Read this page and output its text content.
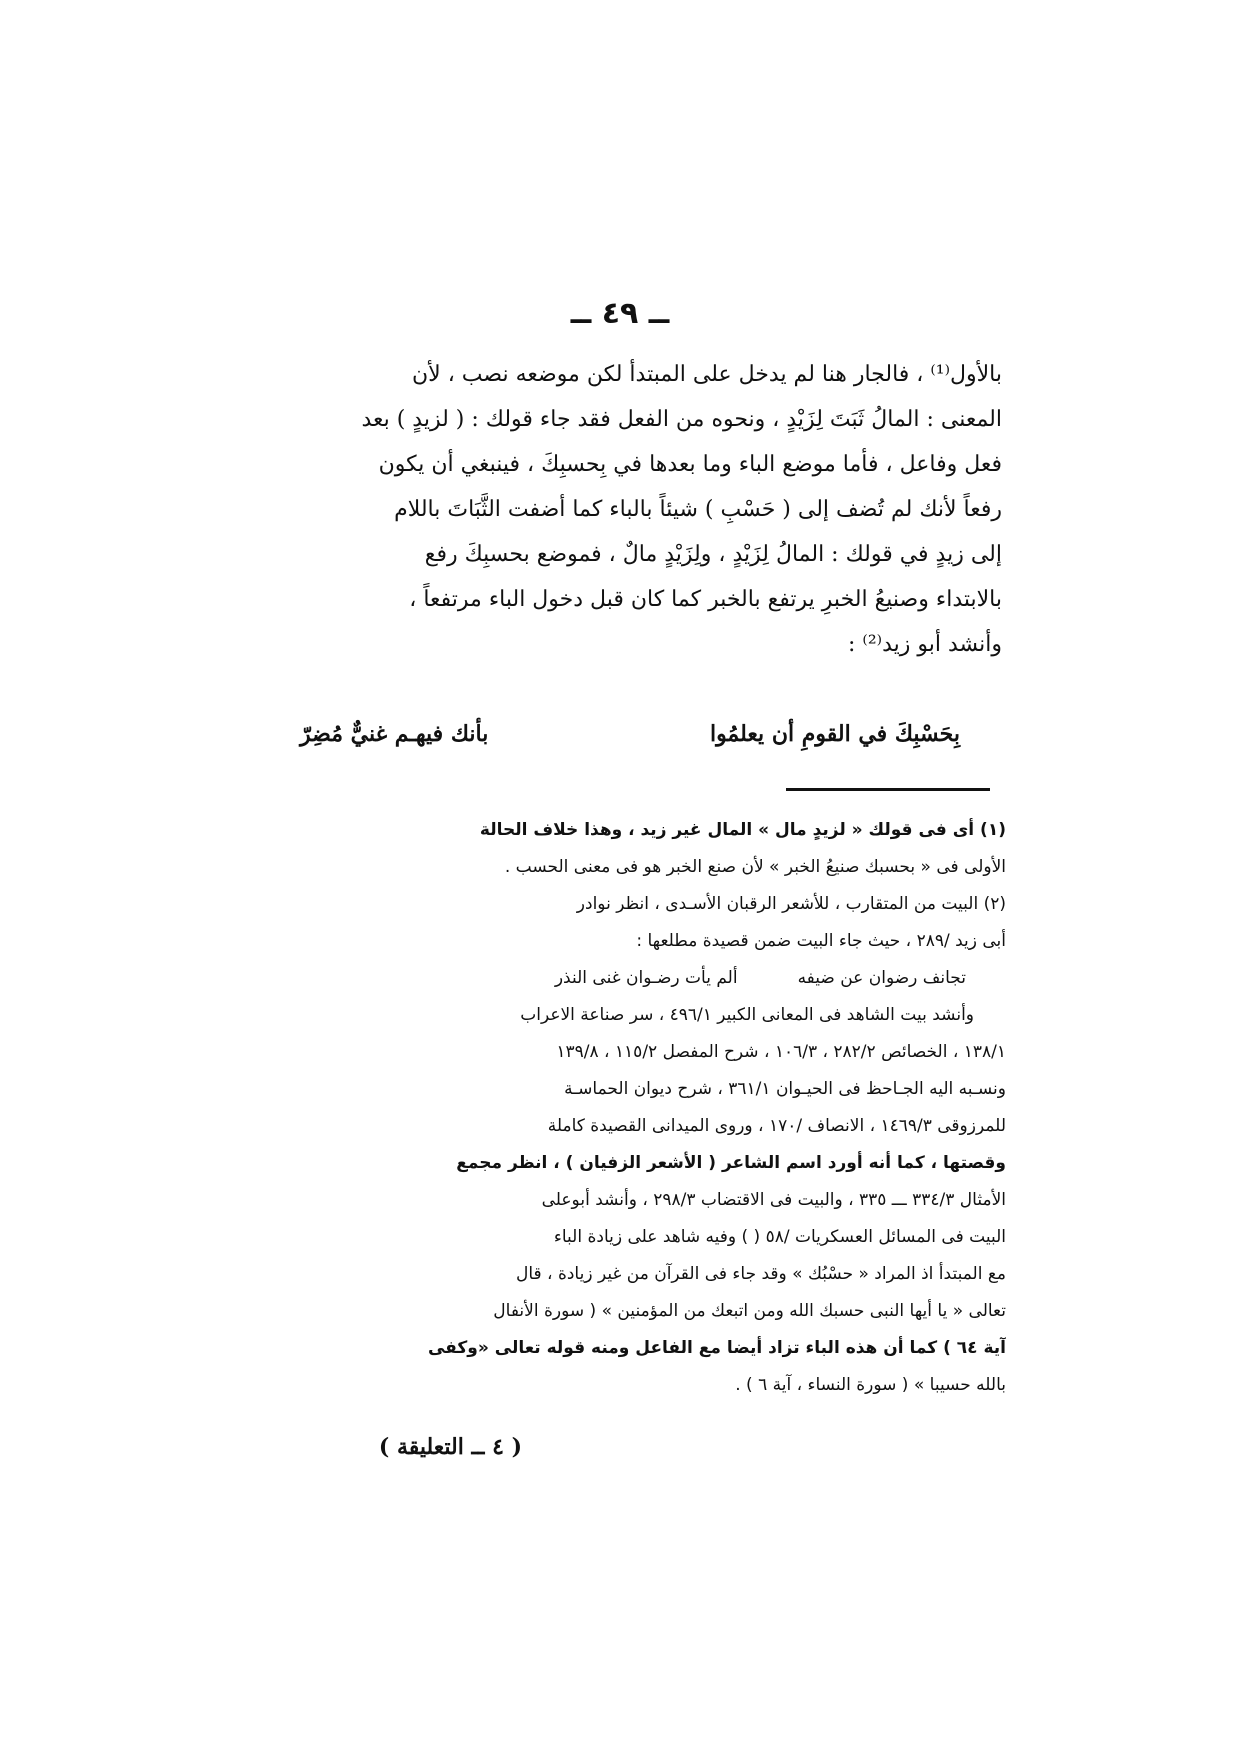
ــ ٤٩ ــ
بالأول⁽¹⁾ ، فالجار هنا لم يدخل على المبتدأ لكن موضعه نصب ، لأن
المعنى : المالُ ثَبَتَ لِزَيْدٍ ، ونحوه من الفعل فقد جاء قولك : ( لزيدٍ ) بعد
فعل وفاعل ، فأما موضع الباء وما بعدها في بِحسبِكَ ، فينبغي أن يكون
رفعاً لأنك لم تُضف إلى ( حَسْبِ ) شيئاً بالباء كما أضفت الثَّبَاتَ باللام
إلى زيدٍ في قولك : المالُ لِزَيْدٍ ، ولِزَيْدٍ مالٌ ، فموضع بحسبِكَ رفع
بالابتداء وصنيعُ الخبرِ يرتفع بالخبر كما كان قبل دخول الباء مرتفعاً ،
وأنشد أبو زيد⁽²⁾ :
بِحَسْبِكَ في القومِ أن يعلمُوا
بأنك فيهـم غنيٌّ مُضِرّ
(١) أى فى قولك « لزيدٍ مال » المال غير زيد ، وهذا خلاف الحالة
الأولى فى « بحسبك صنيعُ الخبر » لأن صنع الخبر هو فى معنى الحسب .
(٢) البيت من المتقارب ، للأشعر الرقبان الأسـدى ، انظر نوادر
أبى زيد /٢٨٩ ، حيث جاء البيت ضمن قصيدة مطلعها :
تجانف رضوان عن ضيفه
ألم يأت رضـوان غنى النذر
وأنشد بيت الشاهد فى المعانى الكبير ٤٩٦/١ ، سر صناعة الاعراب
١٣٨/١ ، الخصائص ٢٨٢/٢ ، ١٠٦/٣ ، شرح المفصل ١١٥/٢ ، ١٣٩/٨
ونسـبه اليه الجـاحظ فى الحيـوان ٣٦١/١ ، شرح ديوان الحماسـة
للمرزوقى ١٤٦٩/٣ ، الانصاف /١٧٠ ، وروى الميدانى القصيدة كاملة
وقصتها ، كما أنه أورد اسم الشاعر ( الأشعر الزفيان ) ، انظر مجمع
الأمثال ٣٣٤/٣ ـــ ٣٣٥ ، والبيت فى الاقتضاب ٢٩٨/٣ ، وأنشد أبوعلى
البيت فى المسائل العسكريات /٥٨ ( ) وفيه شاهد على زيادة الباء
مع المبتدأ اذ المراد « حسْبُك » وقد جاء فى القرآن من غير زيادة ، قال
تعالى « يا أيها النبى حسبك الله ومن اتبعك من المؤمنين » ( سورة الأنفال
آية ٦٤ ) كما أن هذه الباء تزاد أيضا مع الفاعل ومنه قوله تعالى «وكفى
بالله حسيبا » ( سورة النساء ، آية ٦ ) .
( ٤ ــ التعليقة )
